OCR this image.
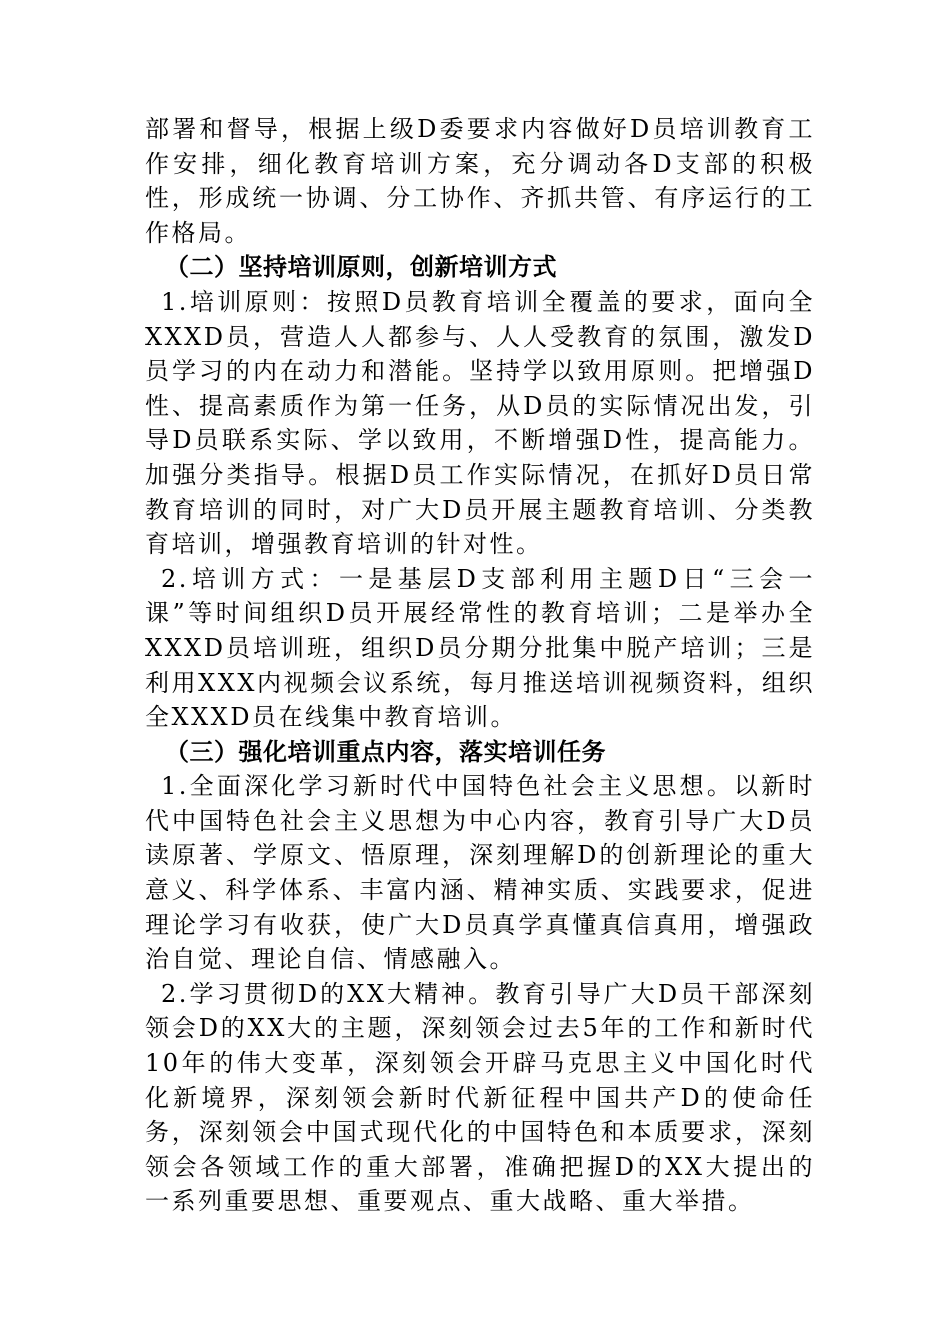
部署和督导，根据上级D委要求内容做好D员培训教育工作安排，细化教育培训方案，充分调动各D支部的积极性，形成统一协调、分工协作、齐抓共管、有序运行的工作格局。

（二）坚持培训原则，创新培训方式

1.培训原则：按照D员教育培训全覆盖的要求，面向全XXXD员，营造人人都参与、人人受教育的氛围，激发D员学习的内在动力和潜能。坚持学以致用原则。把增强D性、提高素质作为第一任务，从D员的实际情况出发，引导D员联系实际、学以致用，不断增强D性，提高能力。加强分类指导。根据D员工作实际情况，在抓好D员日常教育培训的同时，对广大D员开展主题教育培训、分类教育培训，增强教育培训的针对性。

2.培训方式：一是基层D支部利用主题D日“三会一课”等时间组织D员开展经常性的教育培训；二是举办全XXXD员培训班，组织D员分期分批集中脱产培训；三是利用XXX内视频会议系统，每月推送培训视频资料，组织全XXXD员在线集中教育培训。

（三）强化培训重点内容，落实培训任务

1.全面深化学习新时代中国特色社会主义思想。以新时代中国特色社会主义思想为中心内容，教育引导广大D员读原著、学原文、悟原理，深刻理解D的创新理论的重大意义、科学体系、丰富内涵、精神实质、实践要求，促进理论学习有收获，使广大D员真学真懂真信真用，增强政治自觉、理论自信、情感融入。

2.学习贯彻D的XX大精神。教育引导广大D员干部深刻领会D的XX大的主题，深刻领会过去5年的工作和新时代10年的伟大变革，深刻领会开辟马克思主义中国化时代化新境界，深刻领会新时代新征程中国共产D的使命任务，深刻领会中国式现代化的中国特色和本质要求，深刻领会各领域工作的重大部署，准确把握D的XX大提出的一系列重要思想、重要观点、重大战略、重大举措。
